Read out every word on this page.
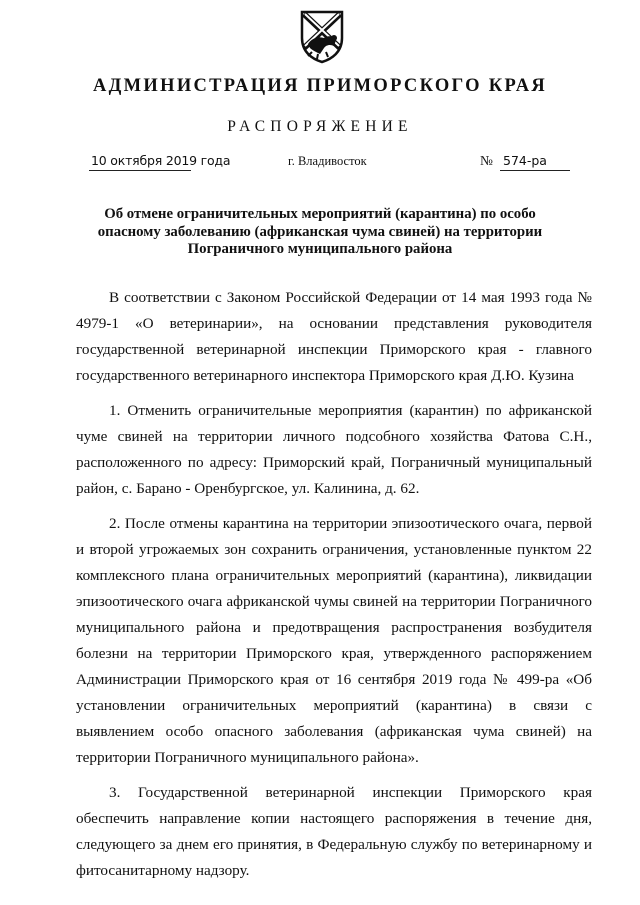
АДМИНИСТРАЦИЯ ПРИМОРСКОГО КРАЯ
РАСПОРЯЖЕНИЕ
10 октября 2019 года	г. Владивосток	№ 574-ра
Об отмене ограничительных мероприятий (карантина) по особо опасному заболеванию (африканская чума свиней) на территории Пограничного муниципального района

В соответствии с Законом Российской Федерации от 14 мая 1993 года № 4979-1 «О ветеринарии», на основании представления руководителя государственной ветеринарной инспекции Приморского края - главного государственного ветеринарного инспектора Приморского края Д.Ю. Кузина

1. Отменить ограничительные мероприятия (карантин) по африканской чуме свиней на территории личного подсобного хозяйства Фатова С.Н., расположенного по адресу: Приморский край, Пограничный муниципальный район, с. Барано - Оренбургское, ул. Калинина, д. 62.

2. После отмены карантина на территории эпизоотического очага, первой и второй угрожаемых зон сохранить ограничения, установленные пунктом 22 комплексного плана ограничительных мероприятий (карантина), ликвидации эпизоотического очага африканской чумы свиней на территории Пограничного муниципального района и предотвращения распространения возбудителя болезни на территории Приморского края, утвержденного распоряжением Администрации Приморского края от 16 сентября 2019 года № 499-ра «Об установлении ограничительных мероприятий (карантина) в связи с выявлением особо опасного заболевания (африканская чума свиней) на территории Пограничного муниципального района».

3. Государственной ветеринарной инспекции Приморского края обеспечить направление копии настоящего распоряжения в течение дня, следующего за днем его принятия, в Федеральную службу по ветеринарному и фитосанитарному надзору.
